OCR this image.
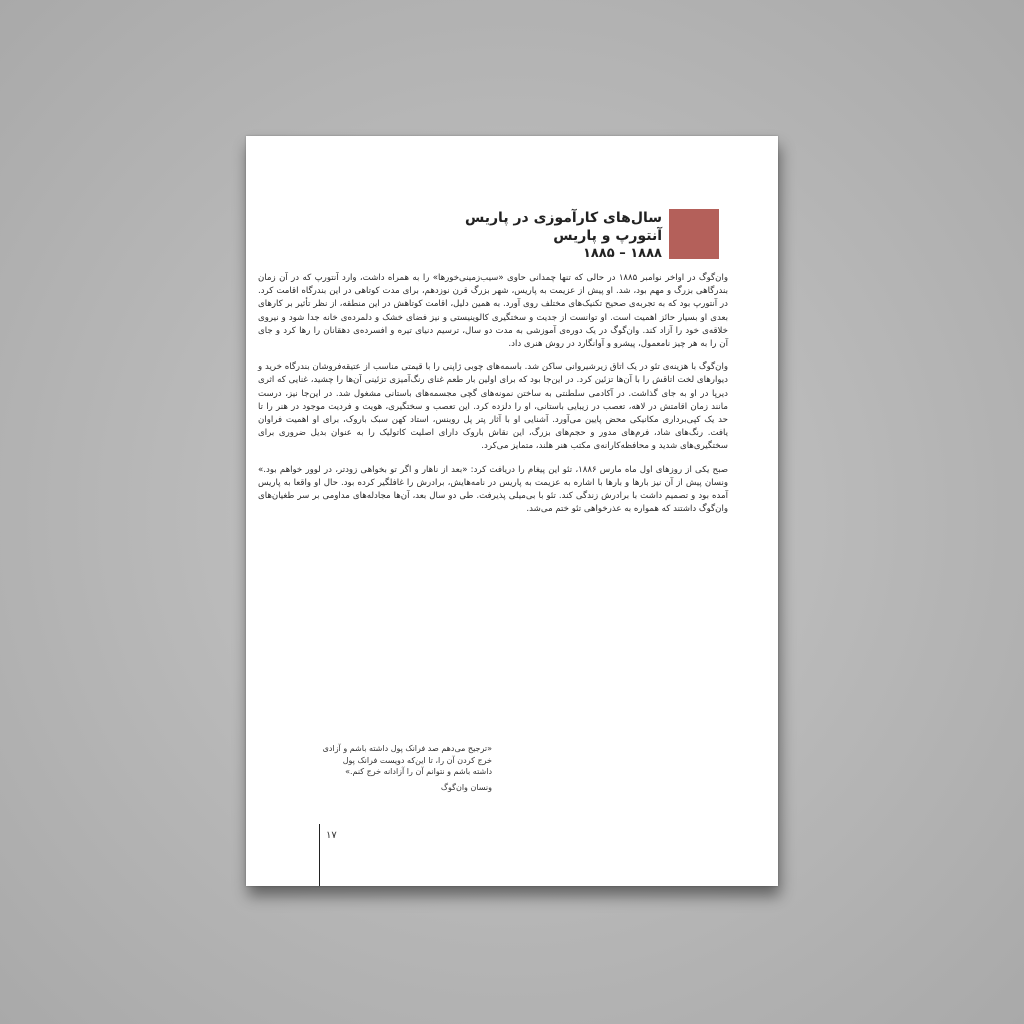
سال‌های کارآموزی در پاریس
آنتورپ و پاریس
۱۸۸۸ – ۱۸۸۵

وان‌گوگ در اواخر نوامبر ۱۸۸۵ در حالی که تنها چمدانی حاوی «سیب‌زمینی‌خورها» را به همراه داشت، وارد آنتورپ که در آن زمان بندرگاهی بزرگ و مهم بود، شد. او پیش از عزیمت به پاریس، شهر بزرگ قرن نوزدهم، برای مدت کوتاهی در این بندرگاه اقامت کرد. در آنتورپ بود که به تجربه‌ی صحیح تکنیک‌های مختلف روی آورد. به همین دلیل، اقامت کوتاهش در این منطقه، از نظر تأثیر بر کارهای بعدی او بسیار حائز اهمیت است. او توانست از جدیت و سختگیری کالوینیستی و نیز فضای خشک و دلمرده‌ی خانه جدا شود و نیروی خلاقه‌ی خود را آزاد کند. وان‌گوگ در یک دوره‌ی آموزشی به مدت دو سال، ترسیم دنیای تیره و افسرده‌ی دهقانان را رها کرد و جای آن را به هر چیز نامعمول، پیشرو و آوانگارد در روش هنری داد.

وان‌گوگ با هزینه‌ی تئو در یک اتاق زیرشیروانی ساکن شد. باسمه‌های چوبی ژاپنی را با قیمتی مناسب از عتیقه‌فروشان بندرگاه خرید و دیوارهای لخت اتاقش را با آن‌ها تزئین کرد. در این‌جا بود که برای اولین بار طعم غنای رنگ‌آمیزی تزئینی آن‌ها را چشید، غنایی که اثری دیرپا در او به جای گذاشت. در آکادمی سلطنتی به ساختن نمونه‌های گچی مجسمه‌های باستانی مشغول شد. در این‌جا نیز، درست مانند زمان اقامتش در لاهه، تعصب در زیبایی باستانی، او را دلزده کرد. این تعصب و سختگیری، هویت و فردیت موجود در هنر را تا حد یک کپی‌برداری مکانیکی محض پایین می‌آورد. آشنایی او با آثار پتر پل روبنس، استاد کهن سبک باروک، برای او اهمیت فراوان یافت. رنگ‌های شاد، فرم‌های مدور و حجم‌های بزرگ، این نقاش باروک دارای اصلیت کاتولیک را به عنوان بدیل ضروری برای سختگیری‌های شدید و محافظه‌کارانه‌ی مکتب هنر هلند، متمایز می‌کرد.

صبح یکی از روزهای اول ماه مارس ۱۸۸۶، تئو این پیغام را دریافت کرد: «بعد از ناهار و اگر تو بخواهی زودتر، در لوور خواهم بود.» ونسان پیش از آن نیز بارها و بارها با اشاره به عزیمت به پاریس در نامه‌هایش، برادرش را غافلگیر کرده بود. حال او واقعا به پاریس آمده بود و تصمیم داشت با برادرش زندگی کند. تئو با بی‌میلی پذیرفت. طی دو سال بعد، آن‌ها مجادله‌های مداومی بر سر طغیان‌های وان‌گوگ داشتند که همواره به عذرخواهی تئو ختم می‌شد.

«ترجیح می‌دهم صد فرانک پول داشته باشم و آزادی خرج کردن آن را، تا این‌که دویست فرانک پول داشته باشم و نتوانم آن را آزادانه خرج کنم.»
ونسان وان‌گوگ
۱۷
